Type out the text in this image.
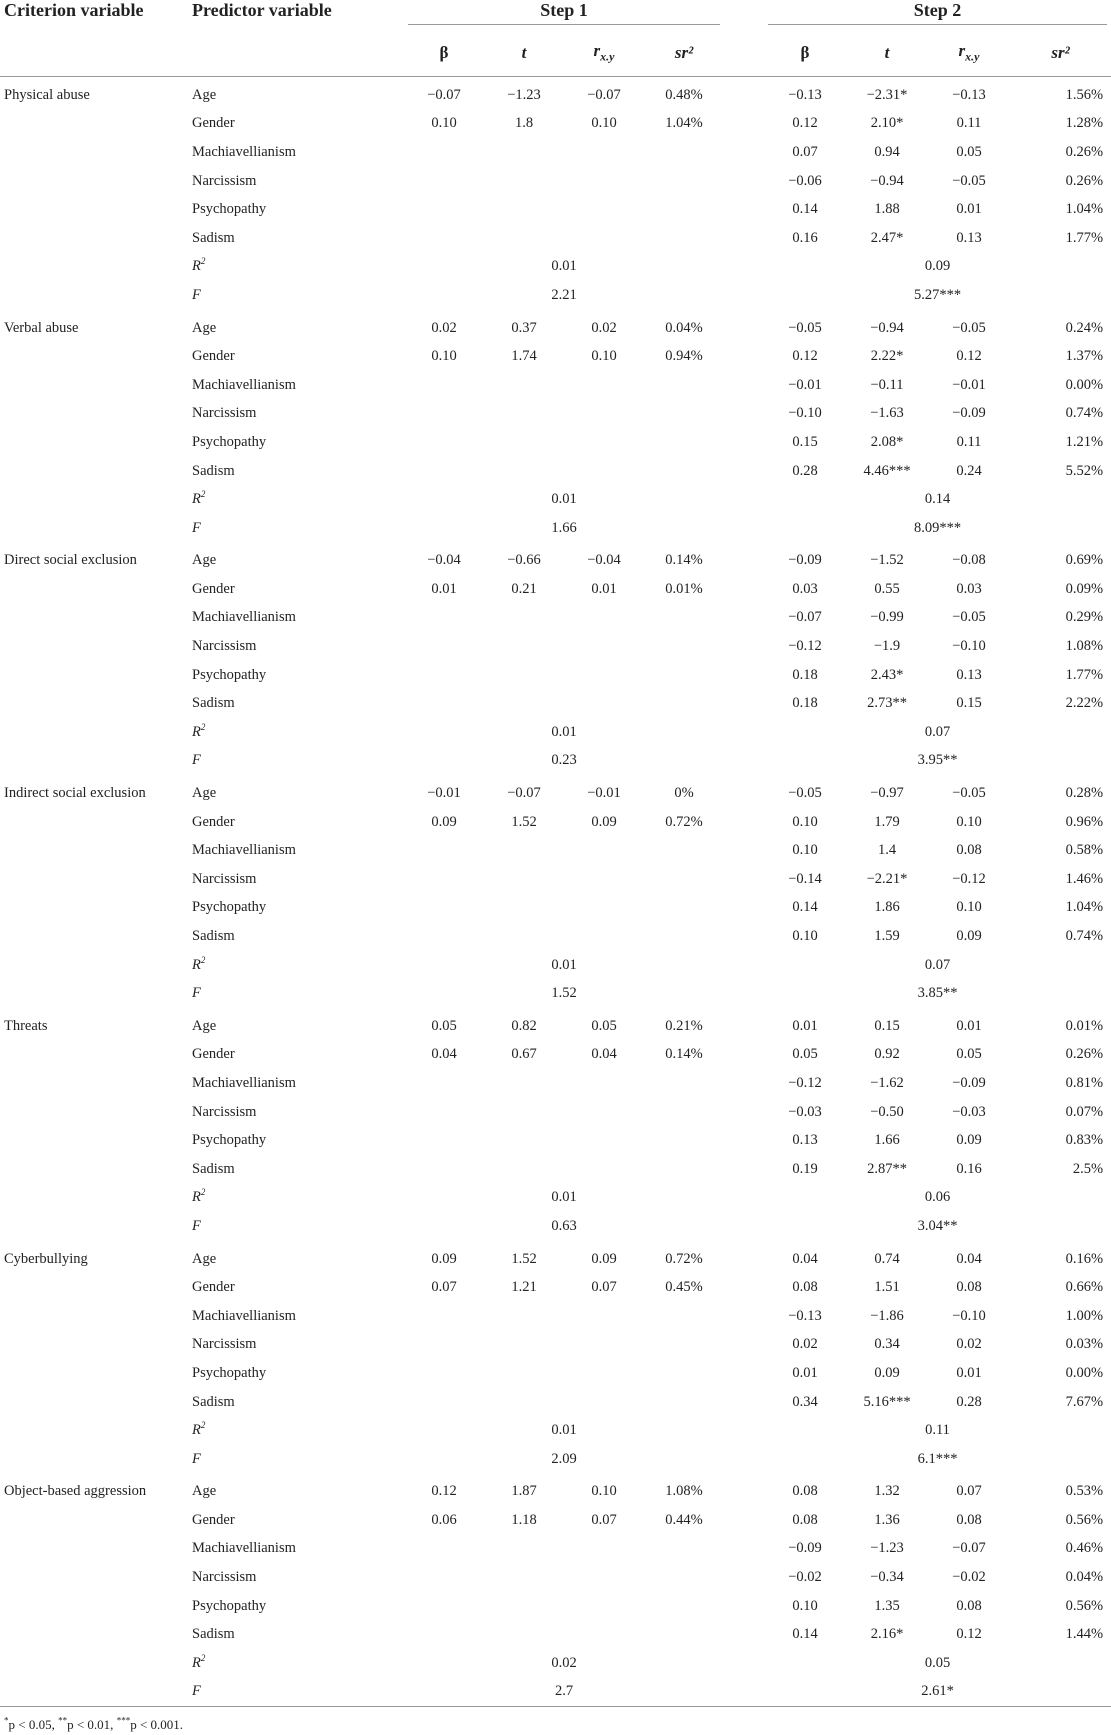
Criterion variable	Predictor variable	Step 1					Step 2			

		β	t	$r_{x.y}$	sr²		β	t	$r_{x.y}$	sr²
Physical abuse	Age	−0.07	−1.23	−0.07	0.48%		−0.13	−2.31*	−0.13	1.56%
	Gender	0.10	1.8	0.10	1.04%		0.12	2.10*	0.11	1.28%
	Machiavellianism						0.07	0.94	0.05	0.26%
	Narcissism						−0.06	−0.94	−0.05	0.26%
	Psychopathy						0.14	1.88	0.01	1.04%
	Sadism						0.16	2.47*	0.13	1.77%
	$R^2$	0.01					0.09			
	F	2.21					5.27***			
Verbal abuse	Age	0.02	0.37	0.02	0.04%		−0.05	−0.94	−0.05	0.24%
	Gender	0.10	1.74	0.10	0.94%		0.12	2.22*	0.12	1.37%
	Machiavellianism						−0.01	−0.11	−0.01	0.00%
	Narcissism						−0.10	−1.63	−0.09	0.74%
	Psychopathy						0.15	2.08*	0.11	1.21%
	Sadism						0.28	4.46***	0.24	5.52%
	$R^2$	0.01					0.14			
	F	1.66					8.09***			
Direct social exclusion	Age	−0.04	−0.66	−0.04	0.14%		−0.09	−1.52	−0.08	0.69%
	Gender	0.01	0.21	0.01	0.01%		0.03	0.55	0.03	0.09%
	Machiavellianism						−0.07	−0.99	−0.05	0.29%
	Narcissism						−0.12	−1.9	−0.10	1.08%
	Psychopathy						0.18	2.43*	0.13	1.77%
	Sadism						0.18	2.73**	0.15	2.22%
	$R^2$	0.01					0.07			
	F	0.23					3.95**			
Indirect social exclusion	Age	−0.01	−0.07	−0.01	0%		−0.05	−0.97	−0.05	0.28%
	Gender	0.09	1.52	0.09	0.72%		0.10	1.79	0.10	0.96%
	Machiavellianism						0.10	1.4	0.08	0.58%
	Narcissism						−0.14	−2.21*	−0.12	1.46%
	Psychopathy						0.14	1.86	0.10	1.04%
	Sadism						0.10	1.59	0.09	0.74%
	$R^2$	0.01					0.07			
	F	1.52					3.85**			
Threats	Age	0.05	0.82	0.05	0.21%		0.01	0.15	0.01	0.01%
	Gender	0.04	0.67	0.04	0.14%		0.05	0.92	0.05	0.26%
	Machiavellianism						−0.12	−1.62	−0.09	0.81%
	Narcissism						−0.03	−0.50	−0.03	0.07%
	Psychopathy						0.13	1.66	0.09	0.83%
	Sadism						0.19	2.87**	0.16	2.5%
	$R^2$	0.01					0.06			
	F	0.63					3.04**			
Cyberbullying	Age	0.09	1.52	0.09	0.72%		0.04	0.74	0.04	0.16%
	Gender	0.07	1.21	0.07	0.45%		0.08	1.51	0.08	0.66%
	Machiavellianism						−0.13	−1.86	−0.10	1.00%
	Narcissism						0.02	0.34	0.02	0.03%
	Psychopathy						0.01	0.09	0.01	0.00%
	Sadism						0.34	5.16***	0.28	7.67%
	$R^2$	0.01					0.11			
	F	2.09					6.1***			
Object-based aggression	Age	0.12	1.87	0.10	1.08%		0.08	1.32	0.07	0.53%
	Gender	0.06	1.18	0.07	0.44%		0.08	1.36	0.08	0.56%
	Machiavellianism						−0.09	−1.23	−0.07	0.46%
	Narcissism						−0.02	−0.34	−0.02	0.04%
	Psychopathy						0.10	1.35	0.08	0.56%
	Sadism						0.14	2.16*	0.12	1.44%
	$R^2$	0.02					0.05			
	F	2.7					2.61*			
*p < 0.05, **p < 0.01, ***p < 0.001.										
